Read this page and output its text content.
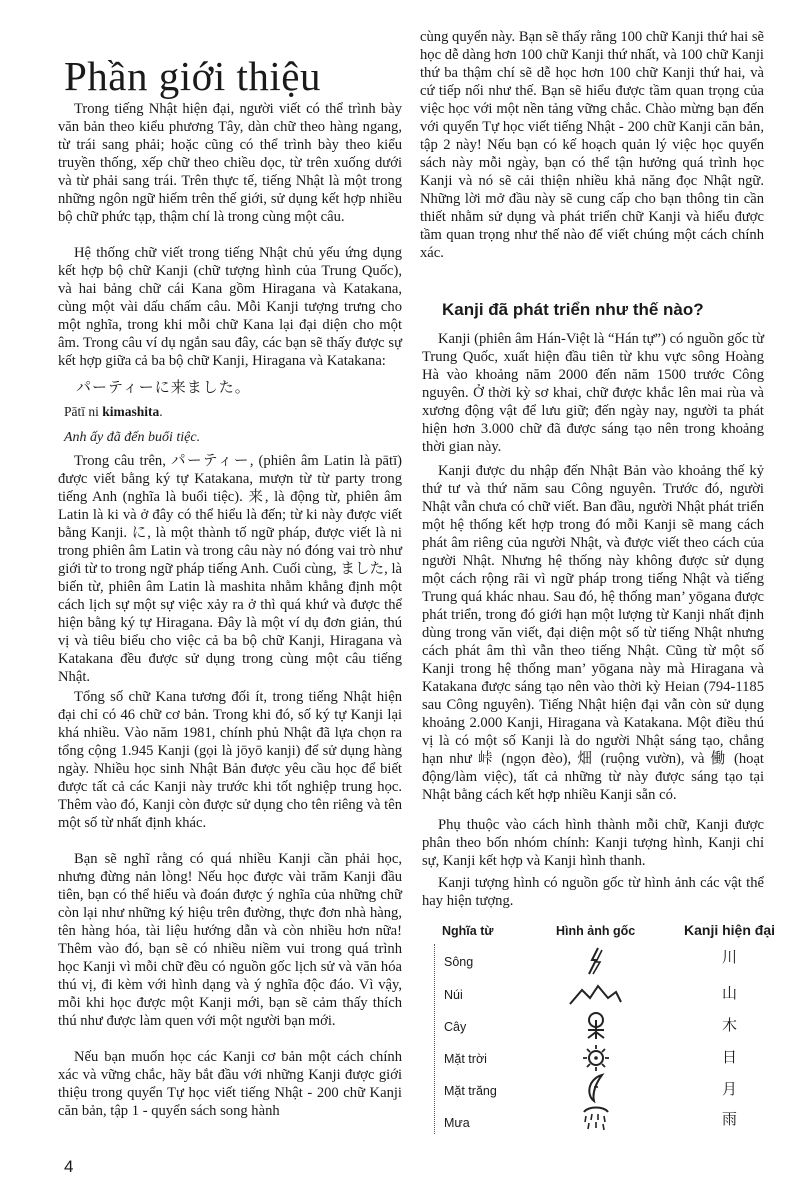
Phần giới thiệu

Trong tiếng Nhật hiện đại, người viết có thể trình bày văn bản theo kiểu phương Tây, dàn chữ theo hàng ngang, từ trái sang phải; hoặc cũng có thể trình bày theo kiểu truyền thống, xếp chữ theo chiều dọc, từ trên xuống dưới và từ phải sang trái. Trên thực tế, tiếng Nhật là một trong những ngôn ngữ hiếm trên thế giới, sử dụng kết hợp nhiều bộ chữ phức tạp, thậm chí là trong cùng một câu.

Hệ thống chữ viết trong tiếng Nhật chủ yếu ứng dụng kết hợp bộ chữ Kanji (chữ tượng hình của Trung Quốc), và hai bảng chữ cái Kana gồm Hiragana và Katakana, cùng một vài dấu chấm câu. Mỗi Kanji tượng trưng cho một nghĩa, trong khi mỗi chữ Kana lại đại diện cho một âm. Trong câu ví dụ ngắn sau đây, các bạn sẽ thấy được sự kết hợp giữa cả ba bộ chữ Kanji, Hiragana và Katakana:

パーティーに来ました。
Pātī ni kimashita.
Anh ấy đã đến buổi tiệc.

Trong câu trên, パーティー, (phiên âm Latin là pātī) được viết bằng ký tự Katakana, mượn từ từ party trong tiếng Anh (nghĩa là buổi tiệc). 来, là động từ, phiên âm Latin là ki và ở đây có thể hiểu là đến; từ ki này được viết bằng Kanji. に, là một thành tố ngữ pháp, được viết là ni trong phiên âm Latin và trong câu này nó đóng vai trò như giới từ to trong ngữ pháp tiếng Anh. Cuối cùng, ました, là biến từ, phiên âm Latin là mashita nhằm khẳng định một cách lịch sự một sự việc xảy ra ở thì quá khứ và được thể hiện bằng ký tự Hiragana. Đây là một ví dụ đơn giản, thú vị và tiêu biểu cho việc cả ba bộ chữ Kanji, Hiragana và Katakana đều được sử dụng trong cùng một câu tiếng Nhật.

Tổng số chữ Kana tương đối ít, trong tiếng Nhật hiện đại chỉ có 46 chữ cơ bản. Trong khi đó, số ký tự Kanji lại khá nhiều. Vào năm 1981, chính phủ Nhật đã lựa chọn ra tổng cộng 1.945 Kanji (gọi là jōyō kanji) để sử dụng hàng ngày. Nhiều học sinh Nhật Bản được yêu cầu học để biết được tất cả các Kanji này trước khi tốt nghiệp trung học. Thêm vào đó, Kanji còn được sử dụng cho tên riêng và tên một số từ nhất định khác.

Bạn sẽ nghĩ rằng có quá nhiều Kanji cần phải học, nhưng đừng nản lòng! Nếu học được vài trăm Kanji đầu tiên, bạn có thể hiểu và đoán được ý nghĩa của những chữ còn lại như những ký hiệu trên đường, thực đơn nhà hàng, tên hàng hóa, tài liệu hướng dẫn và còn nhiều hơn nữa! Thêm vào đó, bạn sẽ có nhiều niềm vui trong quá trình học Kanji vì mỗi chữ đều có nguồn gốc lịch sử và văn hóa thú vị, đi kèm với hình dạng và ý nghĩa độc đáo. Vì vậy, mỗi khi học được một Kanji mới, bạn sẽ cảm thấy thích thú như được làm quen với một người bạn mới.

Nếu bạn muốn học các Kanji cơ bản một cách chính xác và vững chắc, hãy bắt đầu với những Kanji được giới thiệu trong quyển Tự học viết tiếng Nhật - 200 chữ Kanji căn bản, tập 1 - quyển sách song hành

cùng quyển này. Bạn sẽ thấy rằng 100 chữ Kanji thứ hai sẽ học dễ dàng hơn 100 chữ Kanji thứ nhất, và 100 chữ Kanji thứ ba thậm chí sẽ dễ học hơn 100 chữ Kanji thứ hai, và cứ tiếp nối như thế. Bạn sẽ hiểu được tầm quan trọng của việc học với một nền tảng vững chắc. Chào mừng bạn đến với quyển Tự học viết tiếng Nhật - 200 chữ Kanji căn bản, tập 2 này! Nếu bạn có kế hoạch quản lý việc học quyển sách này mỗi ngày, bạn có thể tận hưởng quá trình học Kanji và nó sẽ cải thiện nhiều khả năng đọc Nhật ngữ. Những lời mở đầu này sẽ cung cấp cho bạn thông tin cần thiết nhằm sử dụng và phát triển chữ Kanji và hiểu được tầm quan trọng như thế nào để viết chúng một cách chính xác.

Kanji đã phát triển như thế nào?

Kanji (phiên âm Hán-Việt là “Hán tự”) có nguồn gốc từ Trung Quốc, xuất hiện đầu tiên từ khu vực sông Hoàng Hà vào khoảng năm 2000 đến năm 1500 trước Công nguyên. Ở thời kỳ sơ khai, chữ được khắc lên mai rùa và xương động vật để lưu giữ; đến ngày nay, người ta phát hiện hơn 3.000 chữ đã được sáng tạo nên trong khoảng thời gian này.

Kanji được du nhập đến Nhật Bản vào khoảng thế kỷ thứ tư và thứ năm sau Công nguyên. Trước đó, người Nhật vẫn chưa có chữ viết. Ban đầu, người Nhật phát triển một hệ thống kết hợp trong đó mỗi Kanji sẽ mang cách phát âm riêng của người Nhật, và được viết theo cách của người Nhật. Nhưng hệ thống này không được sử dụng một cách rộng rãi vì ngữ pháp trong tiếng Nhật và tiếng Trung quá khác nhau. Sau đó, hệ thống man’ yōgana được phát triển, trong đó giới hạn một lượng từ Kanji nhất định dùng trong văn viết, đại diện một số từ tiếng Nhật nhưng cách phát âm thì vẫn theo tiếng Nhật. Cũng từ một số Kanji trong hệ thống man’ yōgana này mà Hiragana và Katakana được sáng tạo nên vào thời kỳ Heian (794-1185 sau Công nguyên). Tiếng Nhật hiện đại vẫn còn sử dụng khoảng 2.000 Kanji, Hiragana và Katakana. Một điều thú vị là có một số Kanji là do người Nhật sáng tạo, chẳng hạn như 峠 (ngọn đèo), 畑 (ruộng vườn), và 働 (hoạt động/làm việc), tất cả những từ này được sáng tạo tại Nhật bằng cách kết hợp nhiều Kanji sẵn có.

Phụ thuộc vào cách hình thành mỗi chữ, Kanji được phân theo bốn nhóm chính: Kanji tượng hình, Kanji chỉ sự, Kanji kết hợp và Kanji hình thanh.

Kanji tượng hình có nguồn gốc từ hình ảnh các vật thể hay hiện tượng.

Nghĩa từ	Hình ảnh gốc	Kanji hiện đại
Sông	川
Núi	山
Cây	木
Mặt trời	日
Mặt trăng	月
Mưa	雨
4
